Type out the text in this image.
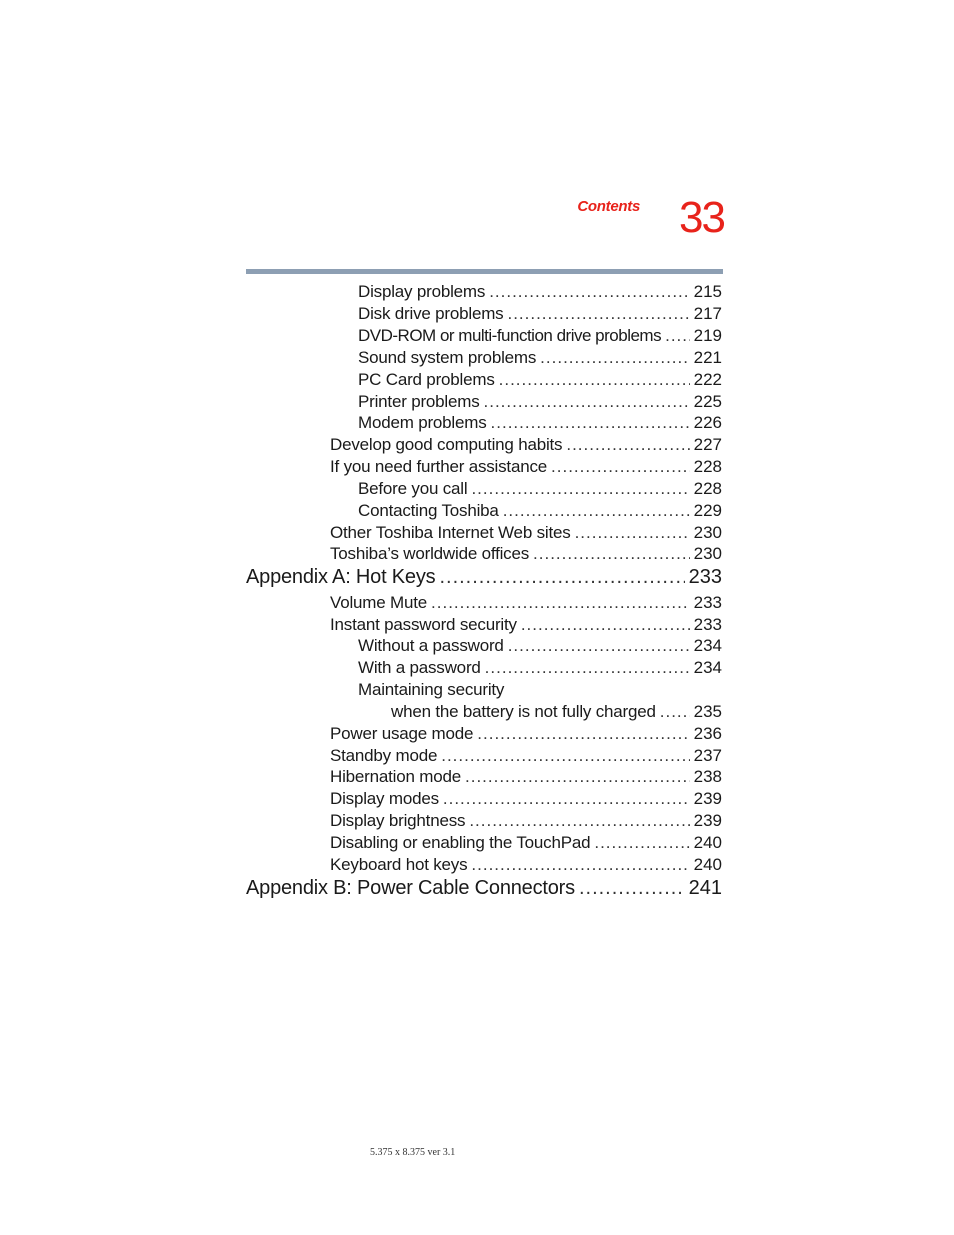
Contents 33
Display problems .....	215
Disk drive problems .....	217
DVD-ROM or multi-function drive problems ..... 219
Sound system problems .....	221
PC Card problems .....	222
Printer problems .....	225
Modem problems .....	226
Develop good computing habits .....	227
If you need further assistance .....	228
Before you call .....	228
Contacting Toshiba .....	229
Other Toshiba Internet Web sites .....	230
Toshiba’s worldwide offices .....	230
Appendix A: Hot Keys .....	233
Volume Mute .....	233
Instant password security .....	233
Without a password .....	234
With a password .....	234
Maintaining security
when the battery is not fully charged ..... 235
Power usage mode .....	236
Standby mode .....	237
Hibernation mode .....	238
Display modes .....	239
Display brightness .....	239
Disabling or enabling the TouchPad .....	240
Keyboard hot keys .....	240
Appendix B: Power Cable Connectors .....	241
5.375 x 8.375 ver 3.1
